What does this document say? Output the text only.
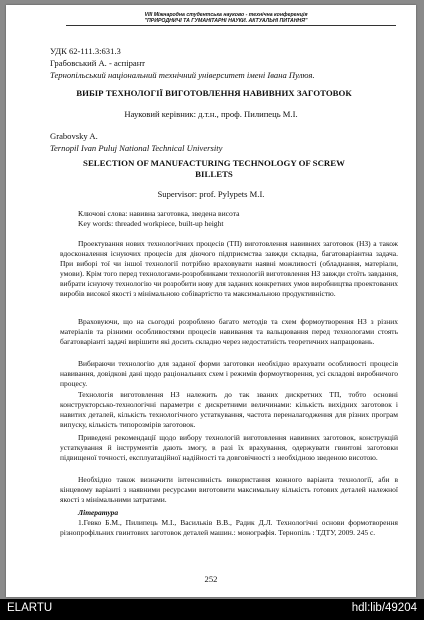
VIII Міжнародна студентська науково - технічна конференція
"ПРИРОДНИЧІ ТА ГУМАНІТАРНІ НАУКИ. АКТУАЛЬНІ ПИТАННЯ"
УДК 62-111.3:631.3
Грабовський А. - аспірант
Тернопільський національний технічний університет імені Івана Пулюя.
ВИБІР ТЕХНОЛОГІЇ ВИГОТОВЛЕННЯ НАВИВНИХ ЗАГОТОВОК
Науковий керівник: д.т.н., проф. Пилипець М.І.
Grabovsky A.
Ternopil Ivan Puluj National Technical University
SELECTION OF MANUFACTURING TECHNOLOGY OF SCREW
BILLETS
Supervisor: prof. Pylypets M.I.
Ключові слова: навивна заготовка, зведена висота
Key words: threaded workpiece, built-up height

Проектування нових технологічних процесів (ТП) виготовлення навивних заготовок (НЗ) а також вдосконалення існуючих процесів для діючого підприємства завжди складна, багатоваріантна задача. При виборі тої чи іншої технології потрібно враховувати наявні можливості (обладнання, матеріали, умови). Крім того перед технологами-розробниками технологій виготовлення НЗ завжди стоїть завдання, вибрати існуючу технологію чи розробити нову для заданих конкретних умов виробництва проектованих виробів високої якості з мінімальною собівартістю та максимальною продуктивністю.

Враховуючи, що на сьогодні розроблено багато методів та схем формоутворення НЗ з різних матеріалів та різними особливостями процесів навивання та вальцювання перед технологами стоять багатоваріанті задачі вирішити які досить складно через недостатність теоретичних напрацювань.

Вибираючи технологію для заданої форми заготовки необхідно врахувати особливості процесів навивання, довідкові дані щодо раціональних схем і режимів формоутворення, усі складові виробничого процесу.

Технологія виготовлення НЗ належить до так званих дискретних ТП, тобто основні конструкторсько-технологічні параметри є дискретними величинами: кількість вихідних заготовок і навитих деталей, кількість технологічного устаткування, частота переналагодження для різних програм випуску, кількість типорозмірів заготовок.

Приведені рекомендації щодо вибору технологій виготовлення навивних заготовок, конструкцій устаткування й інструментів дають змогу, в разі їх врахування, одержувати гвинтові заготовки підвищеної точності, експлуатаційної надійності та довговічності з необхідною зведеною висотою.

Необхідно також визначити інтенсивність використання кожного варіанта технології, аби в кінцевому варіанті з наявними ресурсами виготовити максимальну кількість готових деталей належної якості з мінімальними затратами.

Література
1.Гевко Б.М., Пилипець М.І., Васильків В.В., Радик Д.Л. Технологічні основи формотворення різнопрофільних гвинтових заготовок деталей машин.: монографія. Тернопіль : ТДТУ, 2009. 245 с.
252
ELARTU	hdl:lib/49204
